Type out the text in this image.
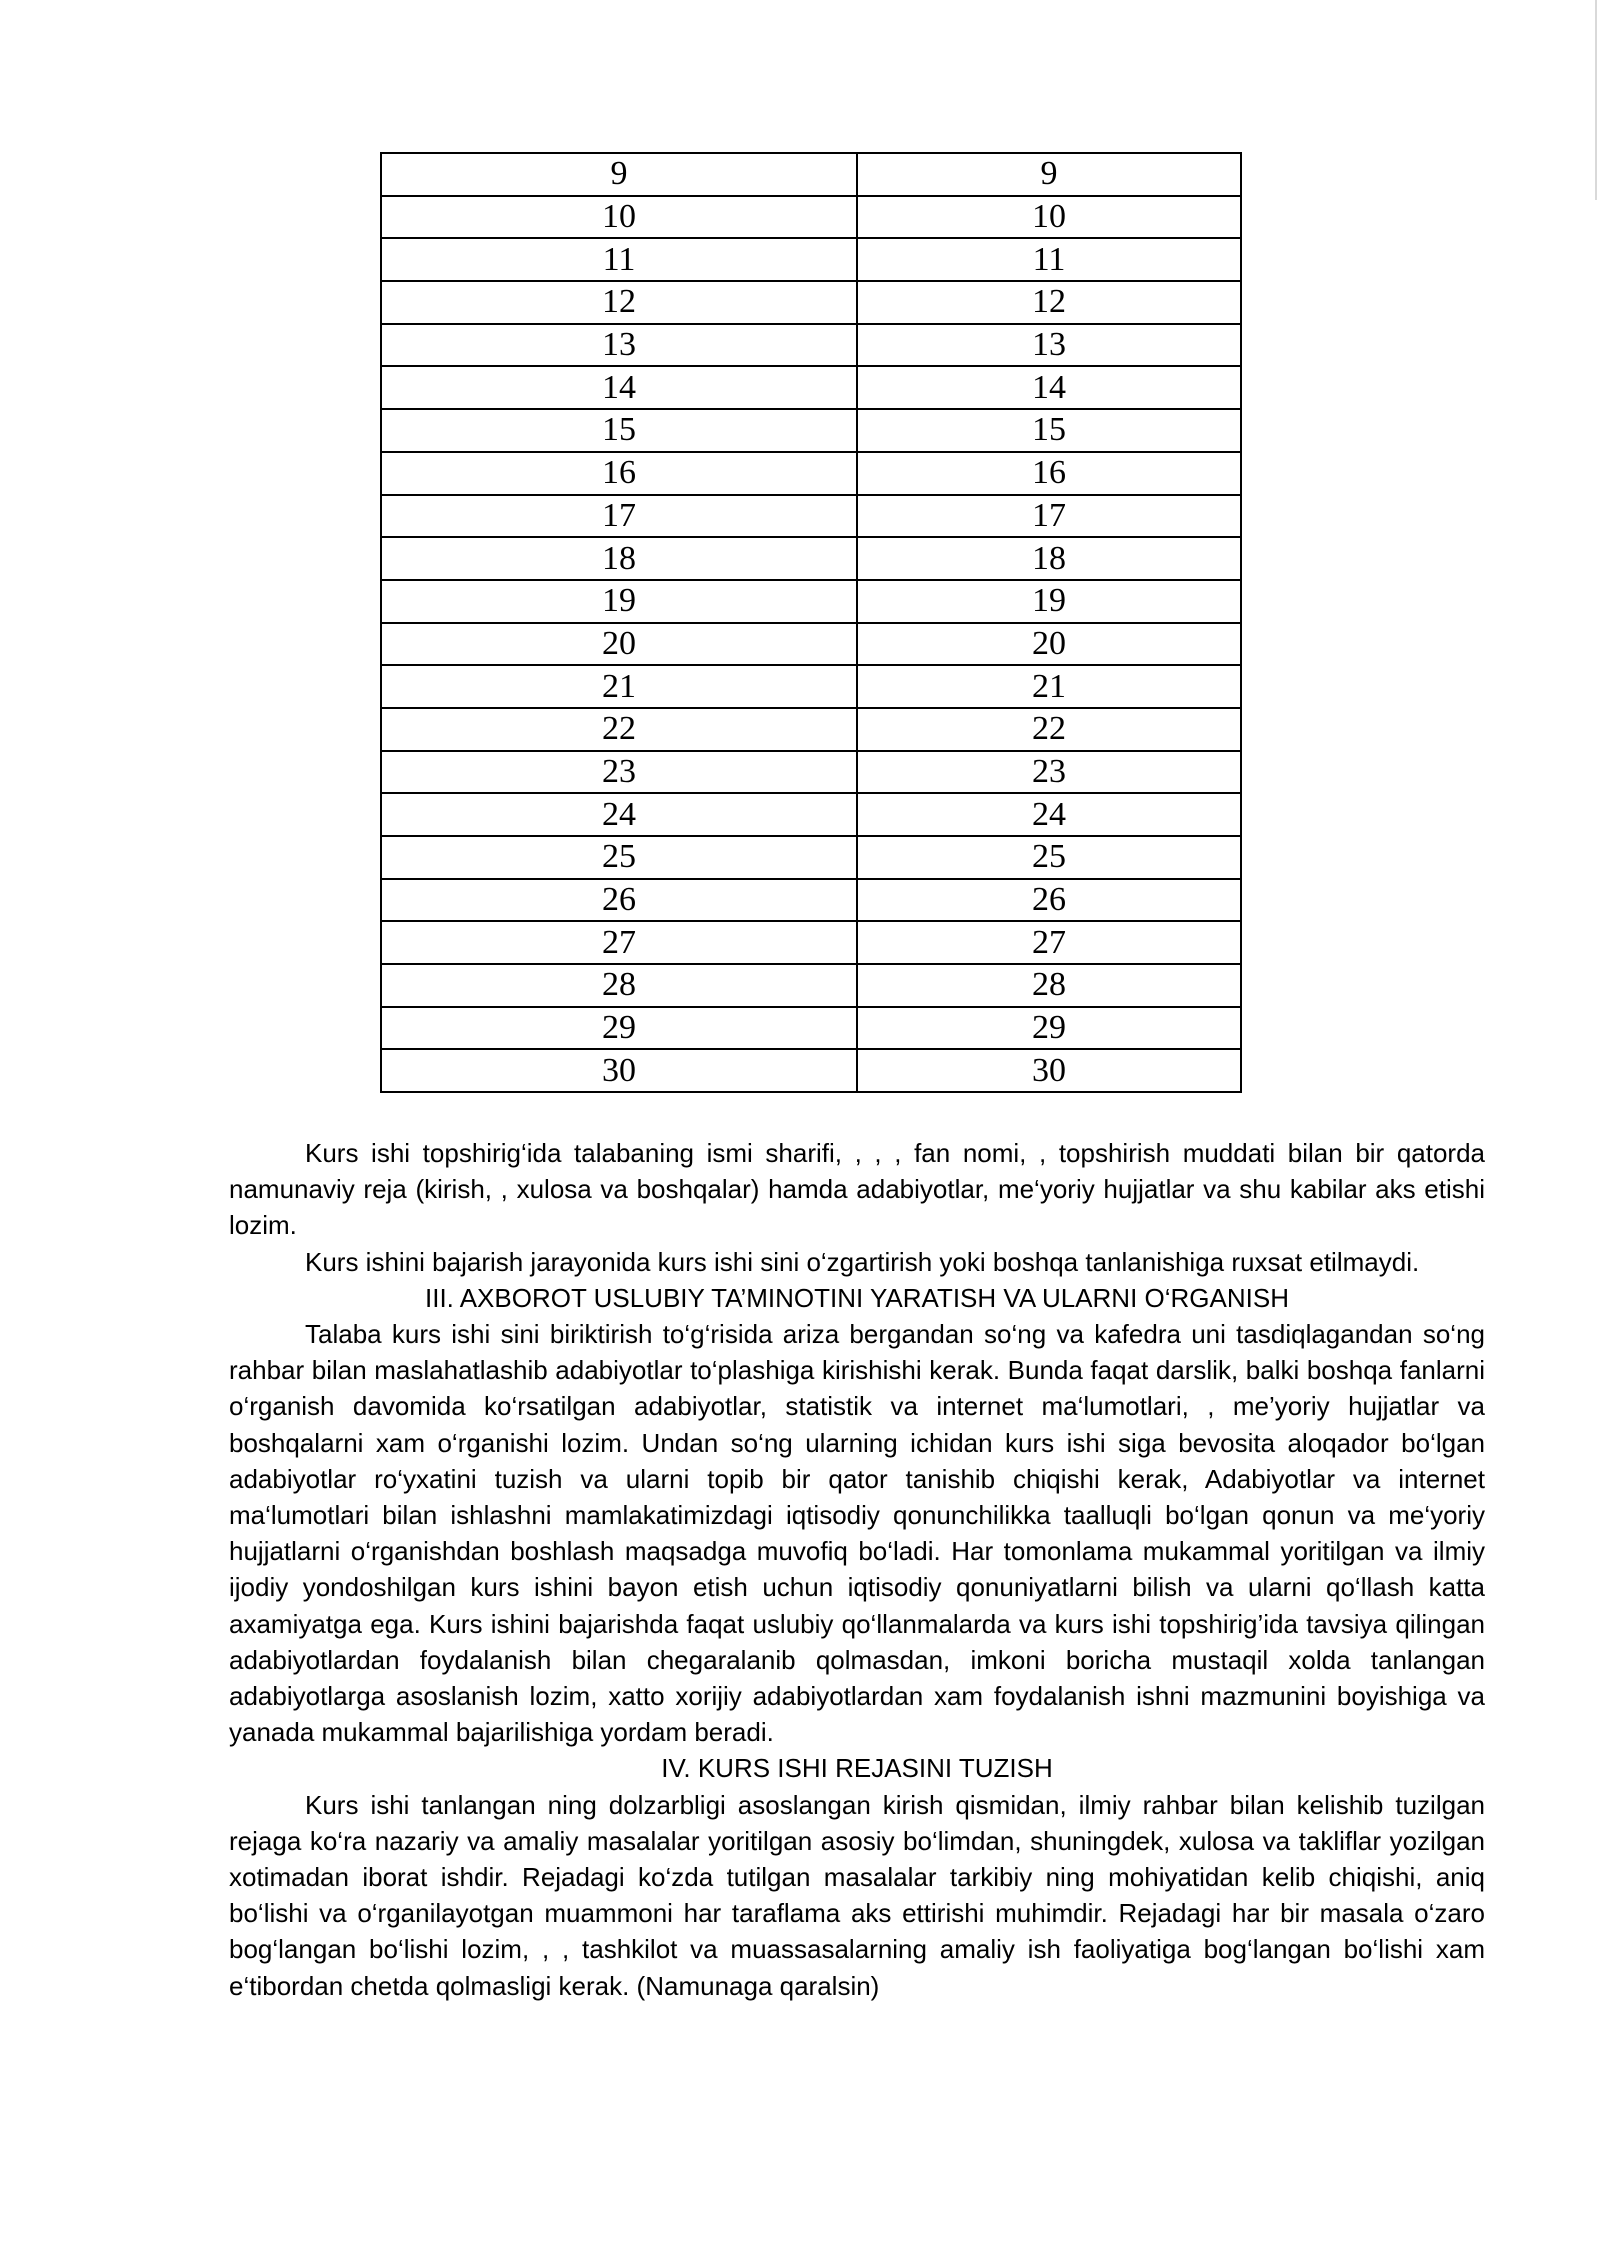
9	9
10	10
11	11
12	12
13	13
14	14
15	15
16	16
17	17
18	18
19	19
20	20
21	21
22	22
23	23
24	24
25	25
26	26
27	27
28	28
29	29
30	30

Kurs ishi topshirig‘ida talabaning ismi sharifi, , , , fan nomi, , topshirish muddati bilan bir qatorda namunaviy reja (kirish, , xulosa va boshqalar) hamda adabiyotlar, me‘yoriy hujjatlar va shu kabilar aks etishi lozim.

Kurs ishini bajarish jarayonida kurs ishi sini o‘zgartirish yoki boshqa tanlanishiga ruxsat etilmaydi.

III. AXBOROT USLUBIY TA’MINOTINI YARATISH VA ULARNI O‘RGANISH

Talaba kurs ishi sini biriktirish to‘g‘risida ariza bergandan so‘ng va kafedra uni tasdiqlagandan so‘ng rahbar bilan maslahatlashib adabiyotlar to‘plashiga kirishishi kerak. Bunda faqat darslik, balki boshqa fanlarni o‘rganish davomida ko‘rsatilgan adabiyotlar, statistik va internet ma‘lumotlari, , me’yoriy hujjatlar va boshqalarni xam o‘rganishi lozim. Undan so‘ng ularning ichidan kurs ishi siga bevosita aloqador bo‘lgan adabiyotlar ro‘yxatini tuzish va ularni topib bir qator tanishib chiqishi kerak, Adabiyotlar va internet ma‘lumotlari bilan ishlashni mamlakatimizdagi iqtisodiy qonunchilikka taalluqli bo‘lgan qonun va me‘yoriy hujjatlarni o‘rganishdan boshlash maqsadga muvofiq bo‘ladi. Har tomonlama mukammal yoritilgan va ilmiy ijodiy yondoshilgan kurs ishini bayon etish uchun iqtisodiy qonuniyatlarni bilish va ularni qo‘llash katta axamiyatga ega. Kurs ishini bajarishda faqat uslubiy qo‘llanmalarda va kurs ishi topshirig’ida tavsiya qilingan adabiyotlardan foydalanish bilan chegaralanib qolmasdan, imkoni boricha mustaqil xolda tanlangan adabiyotlarga asoslanish lozim, xatto xorijiy adabiyotlardan xam foydalanish ishni mazmunini boyishiga va yanada mukammal bajarilishiga yordam beradi.

IV. KURS ISHI REJASINI TUZISH

Kurs ishi tanlangan ning dolzarbligi asoslangan kirish qismidan, ilmiy rahbar bilan kelishib tuzilgan rejaga ko‘ra nazariy va amaliy masalalar yoritilgan asosiy bo‘limdan, shuningdek, xulosa va takliflar yozilgan xotimadan iborat ishdir. Rejadagi ko‘zda tutilgan masalalar tarkibiy ning mohiyatidan kelib chiqishi, aniq bo‘lishi va o‘rganilayotgan muammoni har taraflama aks ettirishi muhimdir. Rejadagi har bir masala o‘zaro bog‘langan bo‘lishi lozim, , , tashkilot va muassasalarning amaliy ish faoliyatiga bog‘langan bo‘lishi xam e‘tibordan chetda qolmasligi kerak. (Namunaga qaralsin)
